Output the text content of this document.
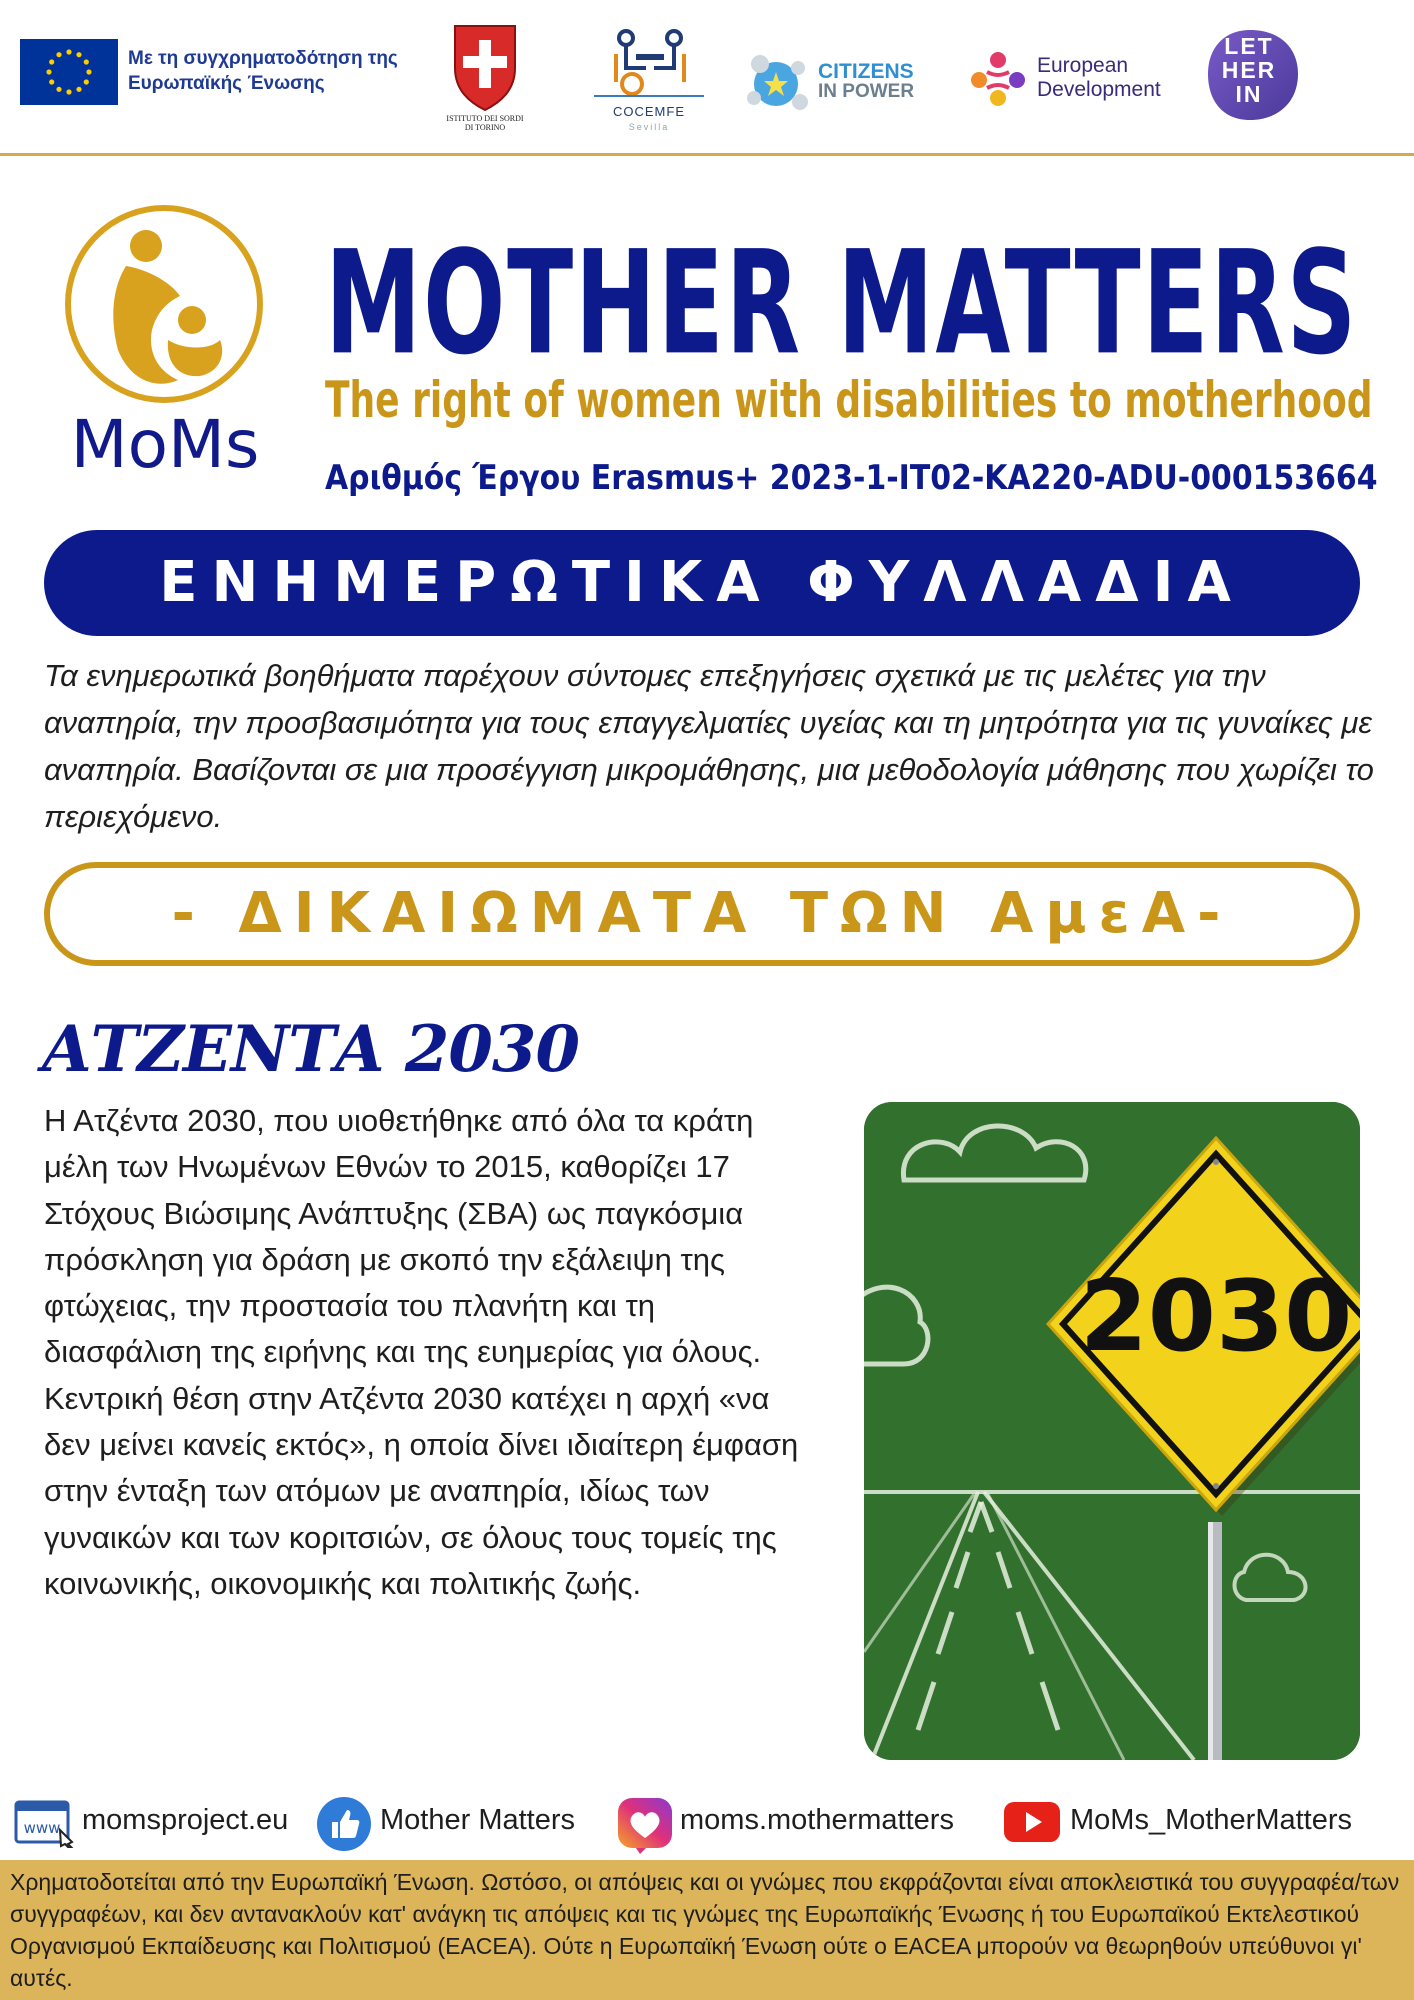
Με τη συγχρηματοδότηση της Ευρωπαϊκής Ένωσης
ISTITUTO DEI SORDI DI TORINO
COCEMFE
Sevilla
CITIZENS
IN POWER
European
Development
LET HER IN
MoMs
MOTHER MATTERS
The right of women with disabilities to motherhood
Αριθμός Έργου Erasmus+ 2023-1-IT02-KA220-ADU-000153664
ΕΝΗΜΕΡΩΤΙΚΑ ΦΥΛΛΑΔΙΑ

Τα ενημερωτικά βοηθήματα παρέχουν σύντομες επεξηγήσεις σχετικά με τις μελέτες για την αναπηρία, την προσβασιμότητα για τους επαγγελματίες υγείας και τη μητρότητα για τις γυναίκες με αναπηρία. Βασίζονται σε μια προσέγγιση μικρομάθησης, μια μεθοδολογία μάθησης που χωρίζει το περιεχόμενο.

- ΔΙΚΑΙΩΜΑΤΑ ΤΩΝ ΑμεΑ-
ΑΤΖΕΝΤΑ 2030

Η Ατζέντα 2030, που υιοθετήθηκε από όλα τα κράτη μέλη των Ηνωμένων Εθνών το 2015, καθορίζει 17 Στόχους Βιώσιμης Ανάπτυξης (ΣΒΑ) ως παγκόσμια πρόσκληση για δράση με σκοπό την εξάλειψη της φτώχειας, την προστασία του πλανήτη και τη διασφάλιση της ειρήνης και της ευημερίας για όλους. Κεντρική θέση στην Ατζέντα 2030 κατέχει η αρχή «να δεν μείνει κανείς εκτός», η οποία δίνει ιδιαίτερη έμφαση στην ένταξη των ατόμων με αναπηρία, ιδίως των γυναικών και των κοριτσιών, σε όλους τους τομείς της κοινωνικής, οικονομικής και πολιτικής ζωής.

2030
www momsproject.eu	Mother Matters	moms.mothermatters	MoMs_MotherMatters

Χρηματοδοτείται από την Ευρωπαϊκή Ένωση. Ωστόσο, οι απόψεις και οι γνώμες που εκφράζονται είναι αποκλειστικά του συγγραφέα/των συγγραφέων, και δεν αντανακλούν κατ' ανάγκη τις απόψεις και τις γνώμες της Ευρωπαϊκής Ένωσης ή του Ευρωπαϊκού Εκτελεστικού Οργανισμού Εκπαίδευσης και Πολιτισμού (EACEA). Ούτε η Ευρωπαϊκή Ένωση ούτε ο EACEA μπορούν να θεωρηθούν υπεύθυνοι γι' αυτές.
